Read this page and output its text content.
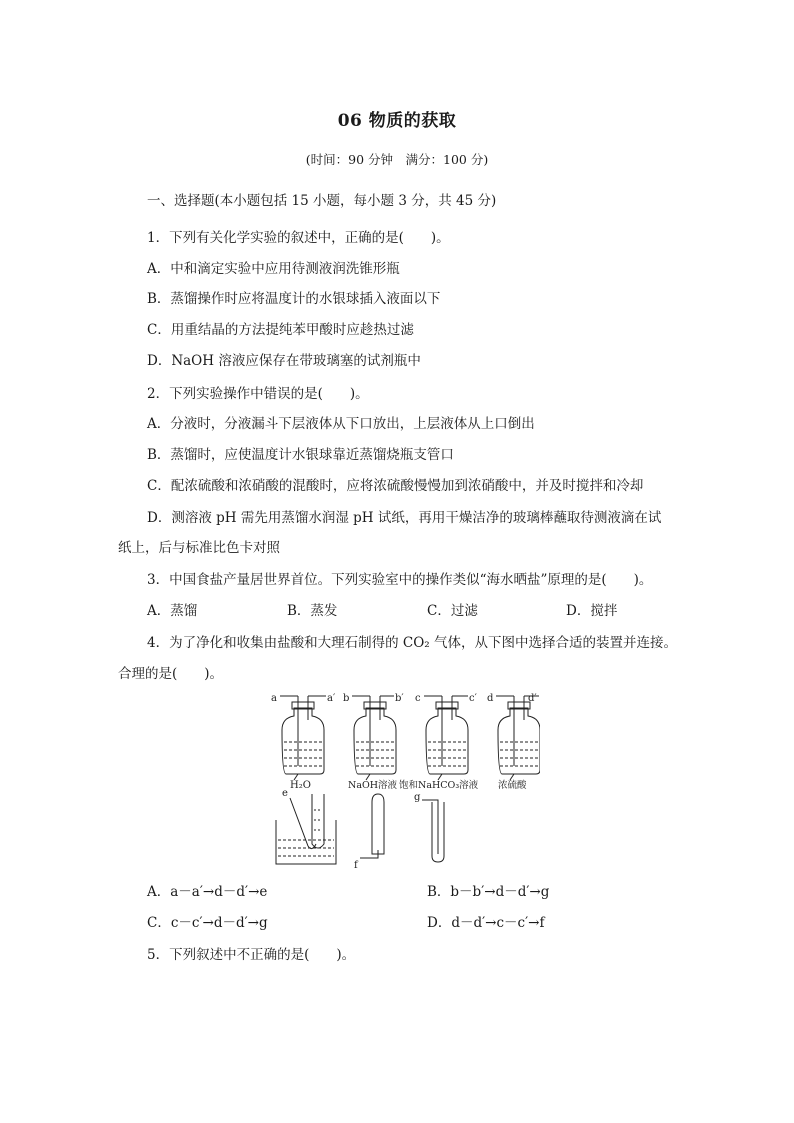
06 物质的获取
(时间：90 分钟　满分：100 分)
一、选择题(本小题包括 15 小题，每小题 3 分，共 45 分)
1．下列有关化学实验的叙述中，正确的是(　　)。
A．中和滴定实验中应用待测液润洗锥形瓶
B．蒸馏操作时应将温度计的水银球插入液面以下
C．用重结晶的方法提纯苯甲酸时应趁热过滤
D．NaOH 溶液应保存在带玻璃塞的试剂瓶中
2．下列实验操作中错误的是(　　)。
A．分液时，分液漏斗下层液体从下口放出，上层液体从上口倒出
B．蒸馏时，应使温度计水银球靠近蒸馏烧瓶支管口
C．配浓硫酸和浓硝酸的混酸时，应将浓硫酸慢慢加到浓硝酸中，并及时搅拌和冷却
D．测溶液 pH 需先用蒸馏水润湿 pH 试纸，再用干燥洁净的玻璃棒蘸取待测液滴在试
纸上，后与标准比色卡对照
3．中国食盐产量居世界首位。下列实验室中的操作类似“海水晒盐”原理的是(　　)。
A．蒸馏	B．蒸发	C．过滤	D．搅拌
4．为了净化和收集由盐酸和大理石制得的 CO₂ 气体，从下图中选择合适的装置并连接。
合理的是(　　)。
a	a′ b	b′ c	c′ d	d′
H₂O	NaOH溶液 饱和NaHCO₃溶液 浓硫酸
e
f
g
A．a－a′→d－d′→e	B．b－b′→d－d′→g
C．c－c′→d－d′→g	D．d－d′→c－c′→f
5．下列叙述中不正确的是(　　)。
